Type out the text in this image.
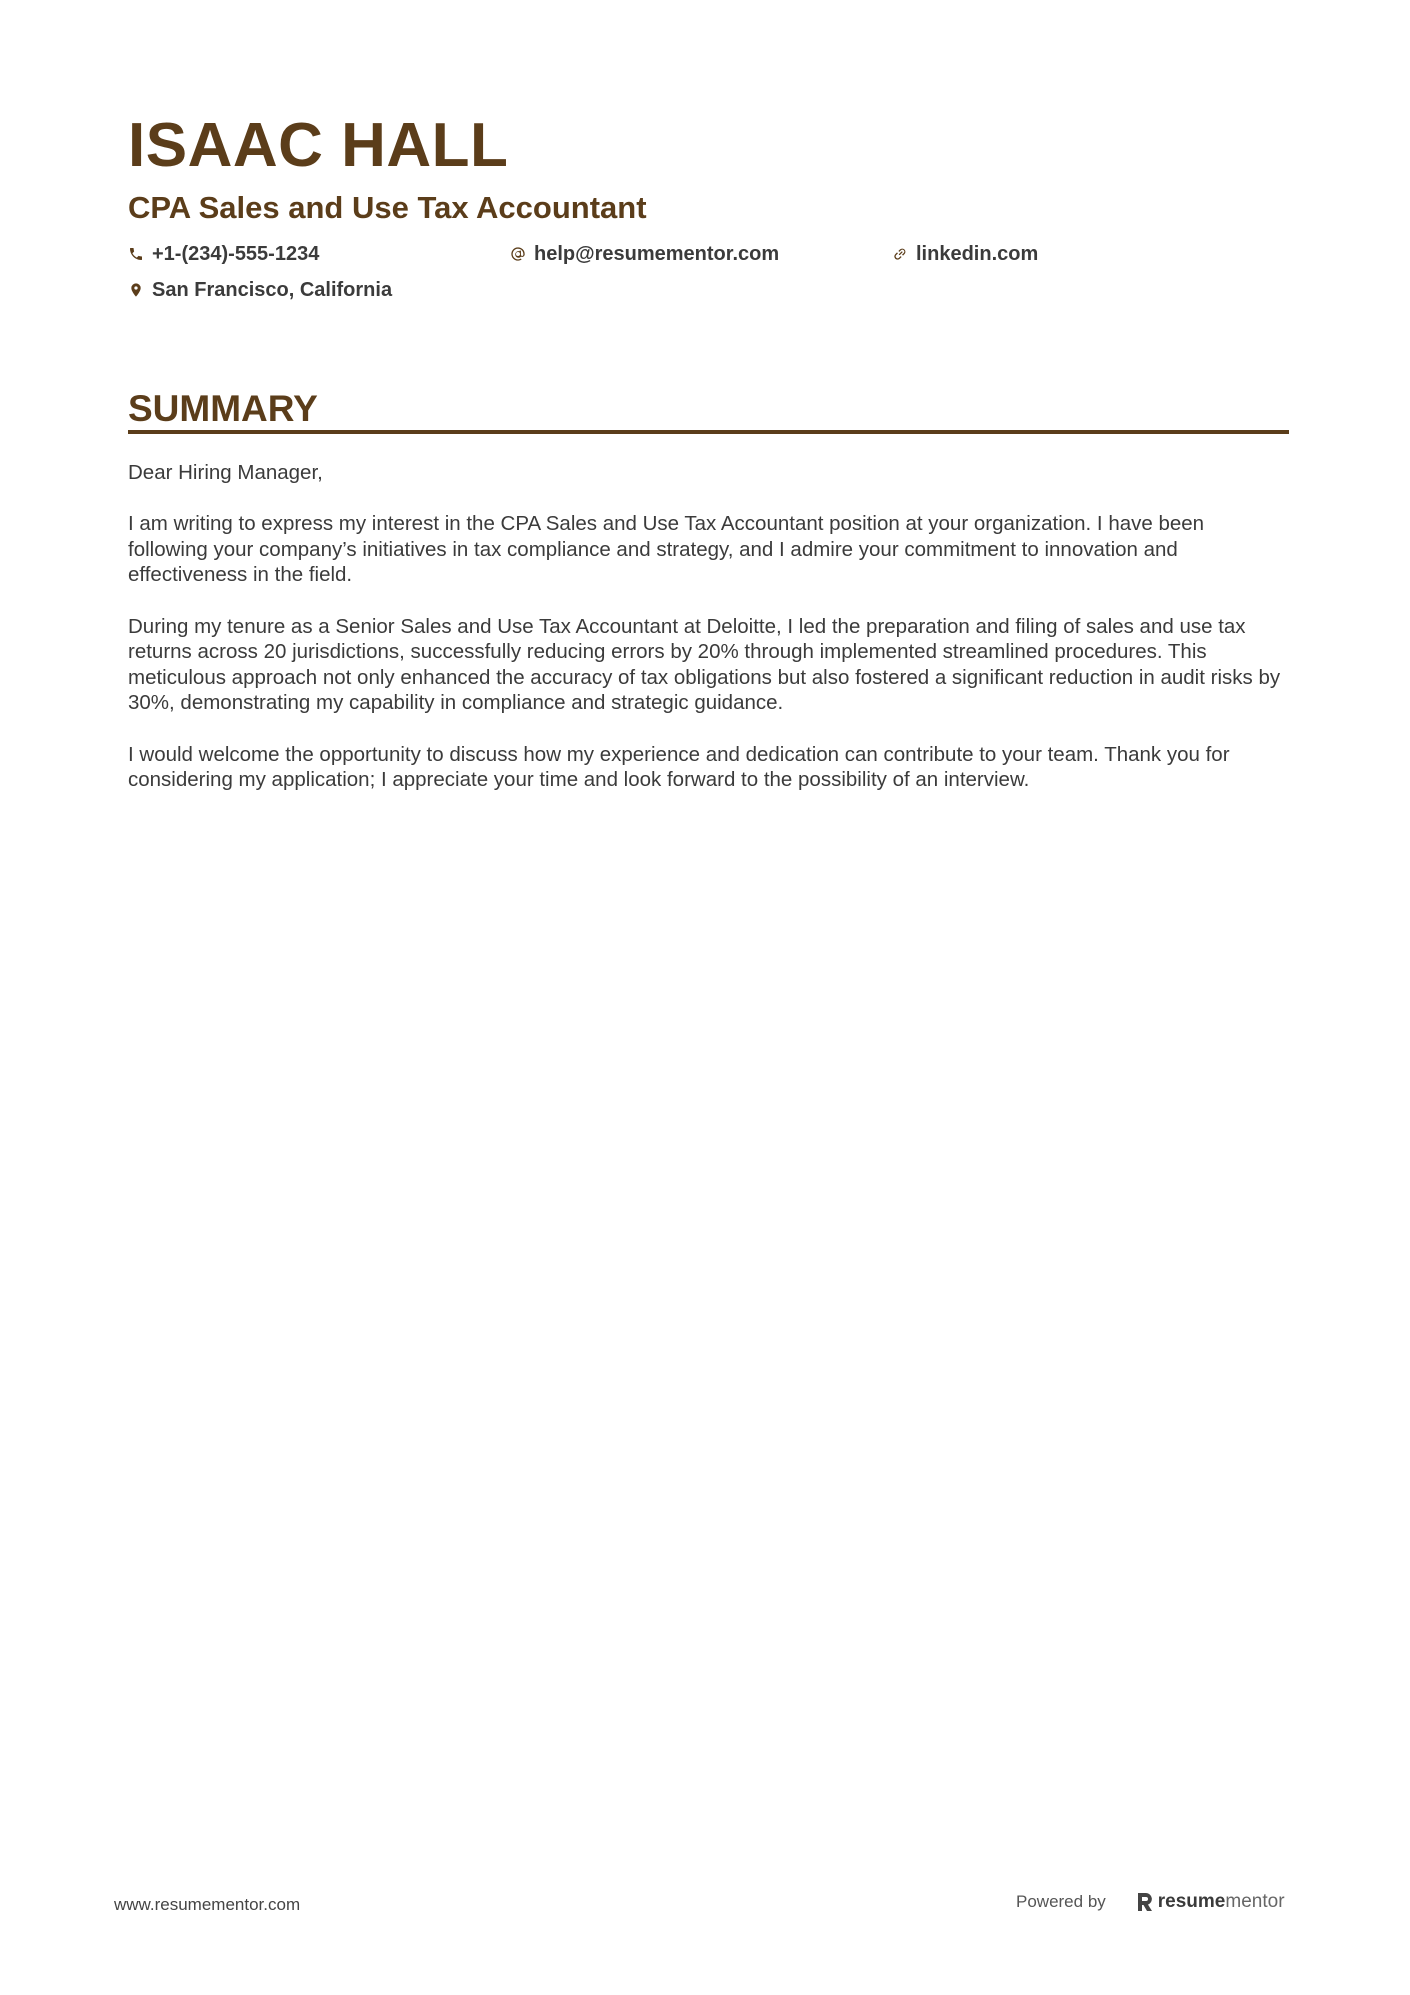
ISAAC HALL
CPA Sales and Use Tax Accountant
+1-(234)-555-1234	help@resumementor.com	linkedin.com
San Francisco, California
SUMMARY

Dear Hiring Manager,

I am writing to express my interest in the CPA Sales and Use Tax Accountant position at your organization. I have been following your company’s initiatives in tax compliance and strategy, and I admire your commitment to innovation and effectiveness in the field.

During my tenure as a Senior Sales and Use Tax Accountant at Deloitte, I led the preparation and filing of sales and use tax returns across 20 jurisdictions, successfully reducing errors by 20% through implemented streamlined procedures. This meticulous approach not only enhanced the accuracy of tax obligations but also fostered a significant reduction in audit risks by 30%, demonstrating my capability in compliance and strategic guidance.

I would welcome the opportunity to discuss how my experience and dedication can contribute to your team. Thank you for considering my application; I appreciate your time and look forward to the possibility of an interview.

www.resumementor.com	Powered by	resume mentor
